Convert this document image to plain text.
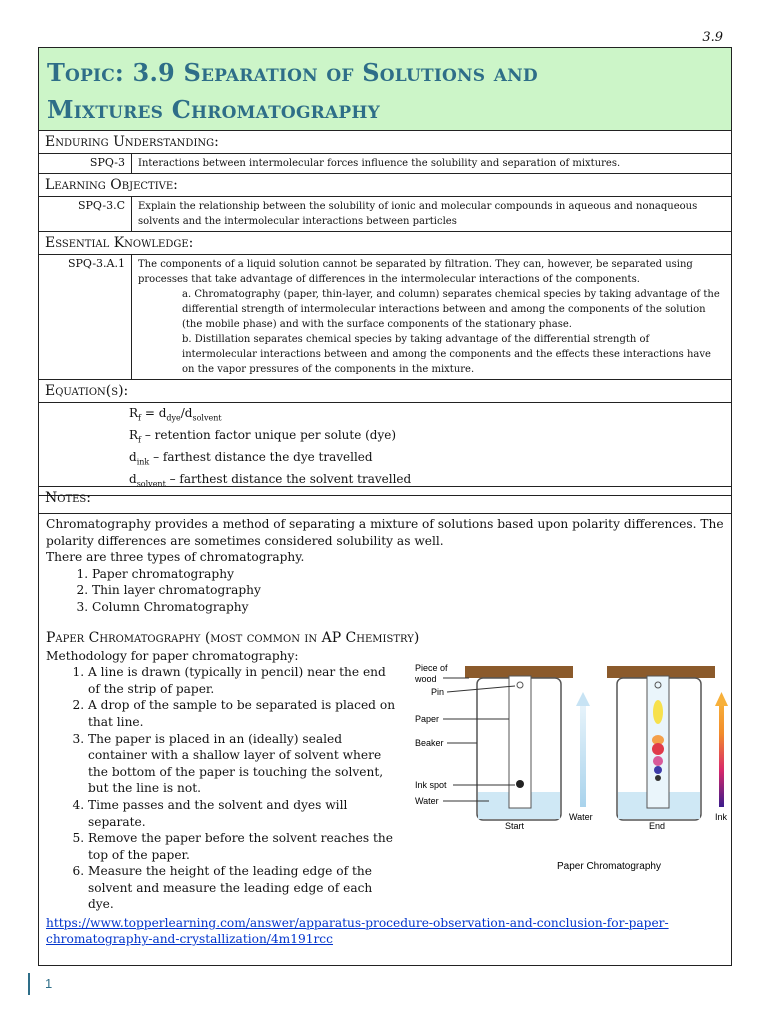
3.9
Topic: 3.9 Separation of Solutions and
Mixtures Chromatography	

Enduring Understanding:	
SPQ-3	Interactions between intermolecular forces influence the solubility and separation of mixtures.
Learning Objective:	
SPQ-3.C	Explain the relationship between the solubility of ionic and molecular compounds in aqueous and nonaqueous solvents and the intermolecular interactions between particles
Essential Knowledge:	
SPQ-3.A.1	The components of a liquid solution cannot be separated by filtration. They can, however, be separated using processes that take advantage of differences in the intermolecular interactions of the components.
a. Chromatography (paper, thin-layer, and column) separates chemical species by taking advantage of the differential strength of intermolecular interactions between and among the components of the solution (the mobile phase) and with the surface components of the stationary phase.
b. Distillation separates chemical species by taking advantage of the differential strength of intermolecular interactions between and among the components and the effects these interactions have on the vapor pressures of the components in the mixture.

Equation(s):	

$R_f = d_{dye}/d_{solvent}$
$R_f$ – retention factor unique per solute (dye)
$d_{ink}$ – farthest distance the dye travelled
$d_{solvent}$ – farthest distance the solvent travelled	
Notes:

Chromatography provides a method of separating a mixture of solutions based upon polarity differences. The polarity differences are sometimes considered solubility as well.

There are three types of chromatography.

1. Paper chromatography
2. Thin layer chromatography
3. Column Chromatography
Paper Chromatography (most common in AP Chemistry)

Methodology for paper chromatography:

1. A line is drawn (typically in pencil) near the end of the strip of paper.
2. A drop of the sample to be separated is placed on that line.
3. The paper is placed in an (ideally) sealed container with a shallow layer of solvent where the bottom of the paper is touching the solvent, but the line is not.
4. Time passes and the solvent and dyes will separate.
5. Remove the paper before the solvent reaches the top of the paper.
6. Measure the height of the leading edge of the solvent and measure the leading edge of each dye.
Piece of
wood
Pin
Paper
Beaker
Ink spot
Water
Start
Water
End
Ink
Paper Chromatography
https://www.topperlearning.com/answer/apparatus-procedure-observation-and-conclusion-for-paper-chromatography-and-crystallization/4m191rcc
1
